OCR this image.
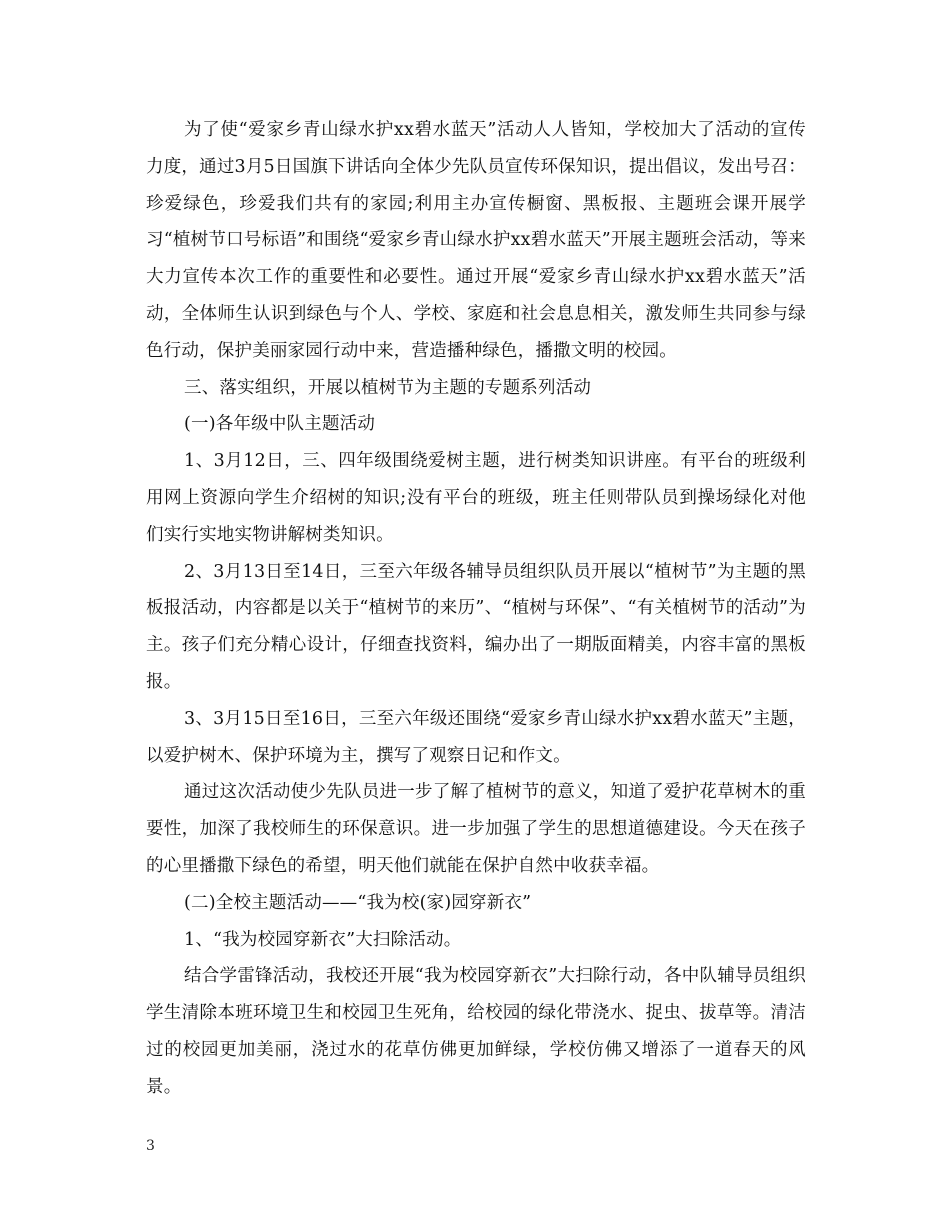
为了使“爱家乡青山绿水护xx碧水蓝天”活动人人皆知，学校加大了活动的宣传力度，通过3月5日国旗下讲话向全体少先队员宣传环保知识，提出倡议，发出号召：珍爱绿色，珍爱我们共有的家园;利用主办宣传橱窗、黑板报、主题班会课开展学习“植树节口号标语”和围绕“爱家乡青山绿水护xx碧水蓝天”开展主题班会活动，等来大力宣传本次工作的重要性和必要性。通过开展“爱家乡青山绿水护xx碧水蓝天”活动，全体师生认识到绿色与个人、学校、家庭和社会息息相关，激发师生共同参与绿色行动，保护美丽家园行动中来，营造播种绿色，播撒文明的校园。

三、落实组织，开展以植树节为主题的专题系列活动

(一)各年级中队主题活动

1、3月12日，三、四年级围绕爱树主题，进行树类知识讲座。有平台的班级利用网上资源向学生介绍树的知识;没有平台的班级，班主任则带队员到操场绿化对他们实行实地实物讲解树类知识。

2、3月13日至14日，三至六年级各辅导员组织队员开展以“植树节”为主题的黑板报活动，内容都是以关于“植树节的来历”、“植树与环保”、“有关植树节的活动”为主。孩子们充分精心设计，仔细查找资料，编办出了一期版面精美，内容丰富的黑板报。

3、3月15日至16日，三至六年级还围绕“爱家乡青山绿水护xx碧水蓝天”主题，以爱护树木、保护环境为主，撰写了观察日记和作文。

通过这次活动使少先队员进一步了解了植树节的意义，知道了爱护花草树木的重要性，加深了我校师生的环保意识。进一步加强了学生的思想道德建设。今天在孩子的心里播撒下绿色的希望，明天他们就能在保护自然中收获幸福。

(二)全校主题活动——“我为校(家)园穿新衣”

1、“我为校园穿新衣”大扫除活动。

结合学雷锋活动，我校还开展“我为校园穿新衣”大扫除行动，各中队辅导员组织学生清除本班环境卫生和校园卫生死角，给校园的绿化带浇水、捉虫、拔草等。清洁过的校园更加美丽，浇过水的花草仿佛更加鲜绿，学校仿佛又增添了一道春天的风景。

3
